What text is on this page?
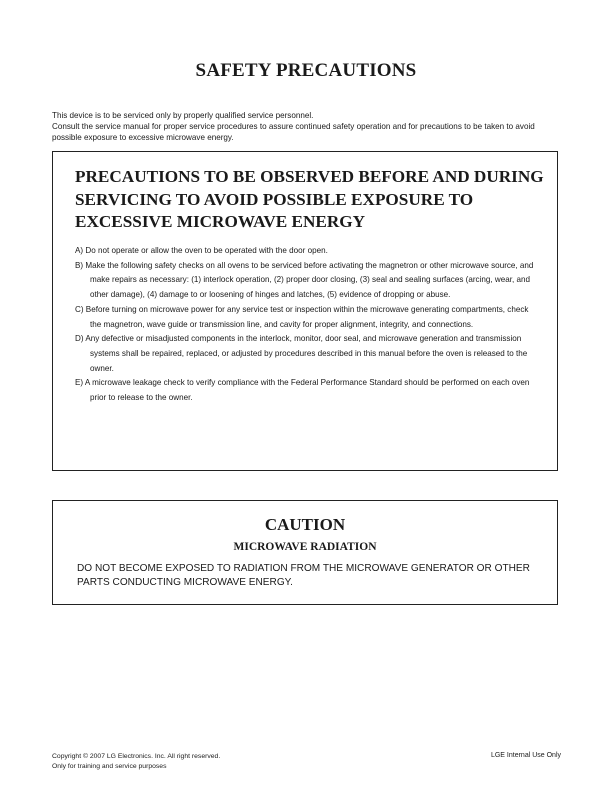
SAFETY PRECAUTIONS

This device is to be serviced only by properly qualified service personnel.

Consult the service manual for proper service procedures to assure continued safety operation and for precautions to be taken to avoid possible exposure to excessive microwave energy.

PRECAUTIONS TO BE OBSERVED BEFORE AND DURING SERVICING TO AVOID POSSIBLE EXPOSURE TO EXCESSIVE MICROWAVE ENERGY
A) Do not operate or allow the oven to be operated with the door open.
B) Make the following safety checks on all ovens to be serviced before activating the magnetron or other microwave source, and make repairs as necessary: (1) interlock operation, (2) proper door closing, (3) seal and sealing surfaces (arcing, wear, and other damage), (4) damage to or loosening of hinges and latches, (5) evidence of dropping or abuse.
C) Before turning on microwave power for any service test or inspection within the microwave generating compartments, check the magnetron, wave guide or transmission line, and cavity for proper alignment, integrity, and connections.
D) Any defective or misadjusted components in the interlock, monitor, door seal, and microwave generation and transmission systems shall be repaired, replaced, or adjusted by procedures described in this manual before the oven is released to the owner.
E) A microwave leakage check to verify compliance with the Federal Performance Standard should be performed on each oven prior to release to the owner.
CAUTION
MICROWAVE RADIATION
DO NOT BECOME EXPOSED TO RADIATION FROM THE MICROWAVE GENERATOR OR OTHER PARTS CONDUCTING MICROWAVE ENERGY.
Copyright © 2007 LG Electronics. Inc. All right reserved.
Only for training and service purposes
LGE Internal Use Only
